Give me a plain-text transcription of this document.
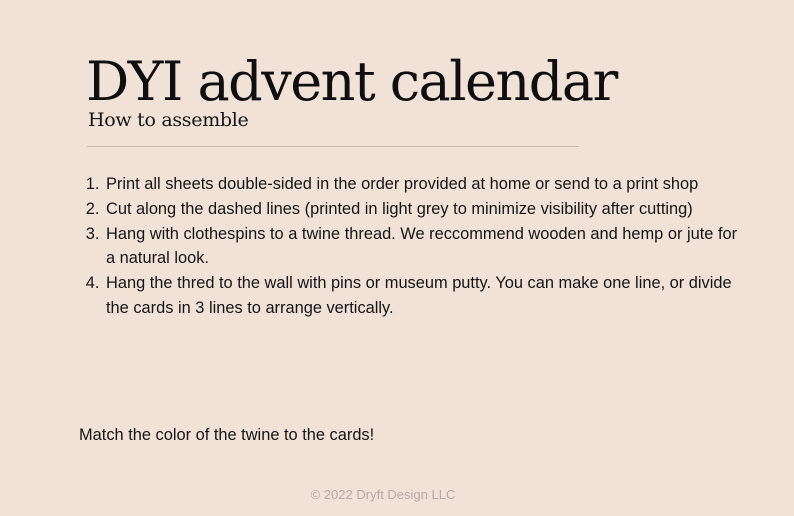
DYI advent calendar
How to assemble
1. Print all sheets double-sided in the order provided at home or send to a print shop
2. Cut along the dashed lines (printed in light grey to minimize visibility after cutting)
3. Hang with clothespins to a twine thread. We reccommend wooden and hemp or jute for a natural look.
4. Hang the thred to the wall with pins or museum putty. You can make one line, or divide the cards in 3 lines to arrange vertically.

Match the color of the twine to the cards!

© 2022 Dryft Design LLC
